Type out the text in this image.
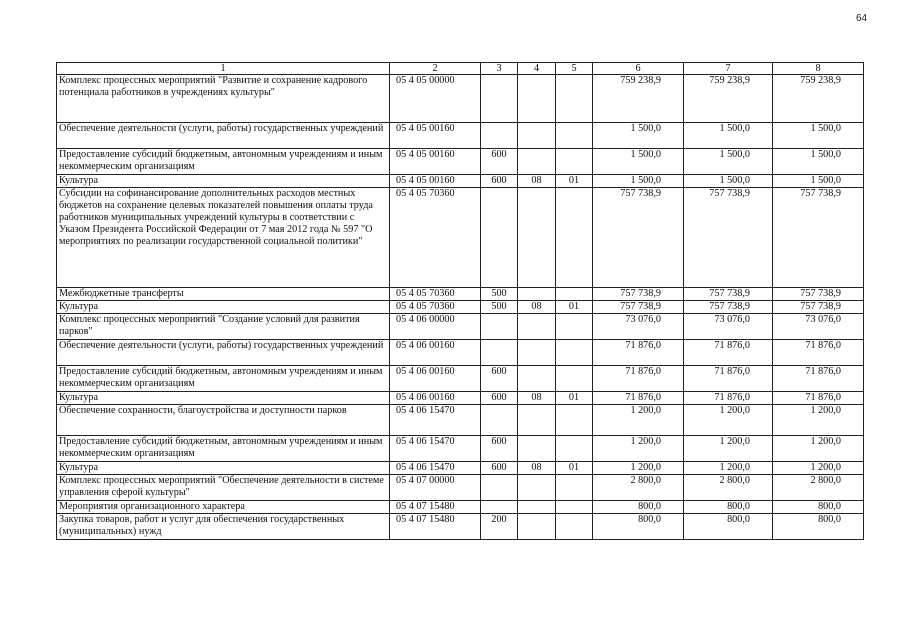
64
1	2	3	4	5	6	7	8
Комплекс процессных мероприятий "Развитие и сохранение кадрового потенциала работников в учреждениях культуры"	05 4 05 00000				759 238,9	759 238,9	759 238,9
Обеспечение деятельности (услуги, работы) государственных учреждений	05 4 05 00160				1 500,0	1 500,0	1 500,0
Предоставление субсидий бюджетным, автономным учреждениям и иным некоммерческим организациям	05 4 05 00160	600			1 500,0	1 500,0	1 500,0
Культура	05 4 05 00160	600	08	01	1 500,0	1 500,0	1 500,0
Субсидии на софинансирование дополнительных расходов местных бюджетов на сохранение целевых показателей повышения оплаты труда работников муниципальных учреждений культуры в соответствии с Указом Президента Российской Федерации от 7 мая 2012 года № 597 "О мероприятиях по реализации государственной социальной политики"	05 4 05 70360				757 738,9	757 738,9	757 738,9
Межбюджетные трансферты	05 4 05 70360	500			757 738,9	757 738,9	757 738,9
Культура	05 4 05 70360	500	08	01	757 738,9	757 738,9	757 738,9
Комплекс процессных мероприятий "Создание условий для развития парков"	05 4 06 00000				73 076,0	73 076,0	73 076,0
Обеспечение деятельности (услуги, работы) государственных учреждений	05 4 06 00160				71 876,0	71 876,0	71 876,0
Предоставление субсидий бюджетным, автономным учреждениям и иным некоммерческим организациям	05 4 06 00160	600			71 876,0	71 876,0	71 876,0
Культура	05 4 06 00160	600	08	01	71 876,0	71 876,0	71 876,0
Обеспечение сохранности, благоустройства и доступности парков	05 4 06 15470				1 200,0	1 200,0	1 200,0
Предоставление субсидий бюджетным, автономным учреждениям и иным некоммерческим организациям	05 4 06 15470	600			1 200,0	1 200,0	1 200,0
Культура	05 4 06 15470	600	08	01	1 200,0	1 200,0	1 200,0
Комплекс процессных мероприятий "Обеспечение деятельности в системе управления сферой культуры"	05 4 07 00000				2 800,0	2 800,0	2 800,0
Мероприятия организационного характера	05 4 07 15480				800,0	800,0	800,0
Закупка товаров, работ и услуг для обеспечения государственных (муниципальных) нужд	05 4 07 15480	200			800,0	800,0	800,0
